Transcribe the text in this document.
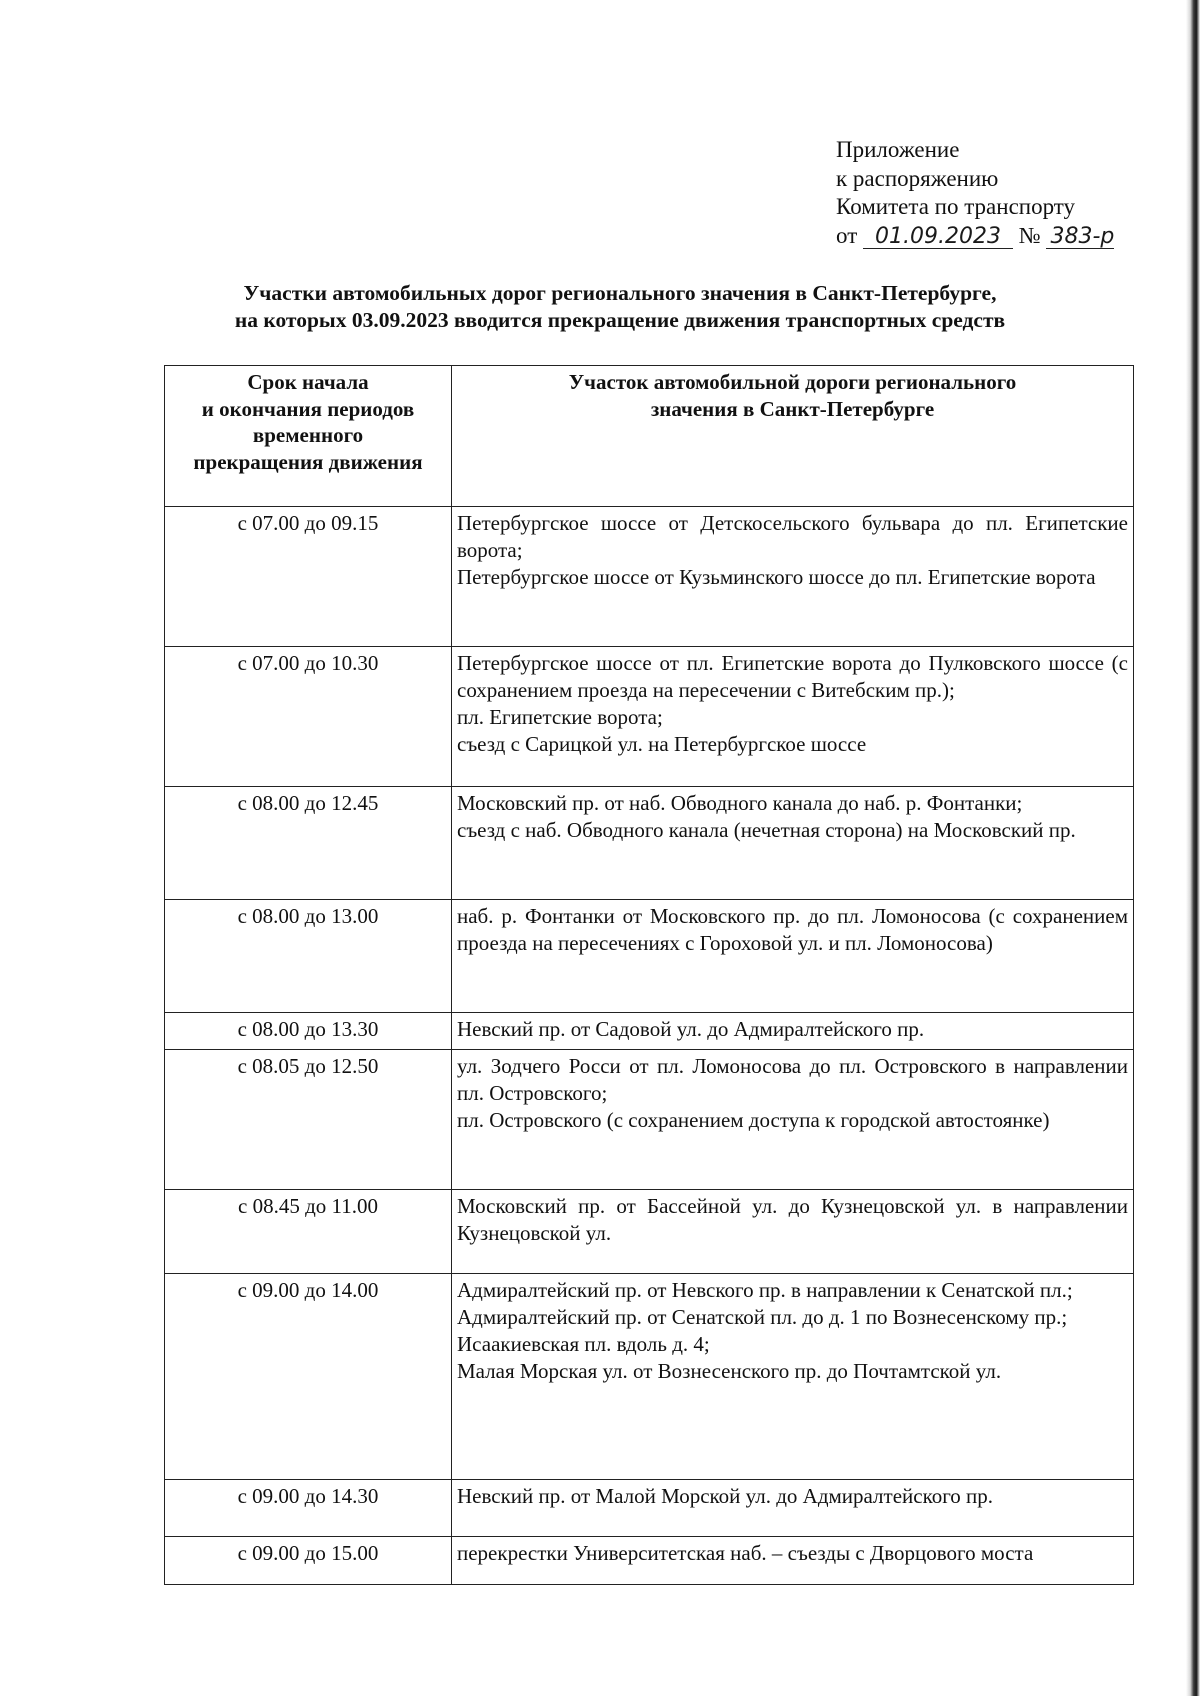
Приложение
к распоряжению
Комитета по транспорту
от 01.09.2023 № 383-р
Участки автомобильных дорог регионального значения в Санкт-Петербурге,
на которых 03.09.2023 вводится прекращение движения транспортных средств
Срок начала
и окончания периодов
временного
прекращения движения	Участок автомобильной дороги регионального
значения в Санкт-Петербурге

с 07.00 до 09.15	Петербургское шоссе от Детскосельского бульвара до пл. Египетские ворота;
Петербургское шоссе от Кузьминского шоссе до пл. Египетские ворота

с 07.00 до 10.30	Петербургское шоссе от пл. Египетские ворота до Пулковского шоссе (с сохранением проезда на пересечении с Витебским пр.);
пл. Египетские ворота;
съезд с Сарицкой ул. на Петербургское шоссе

с 08.00 до 12.45	Московский пр. от наб. Обводного канала до наб. р. Фонтанки;
съезд с наб. Обводного канала (нечетная сторона) на Московский пр.

с 08.00 до 13.00	наб. р. Фонтанки от Московского пр. до пл. Ломоносова (с сохранением проезда на пересечениях с Гороховой ул. и пл. Ломоносова)

с 08.00 до 13.30	Невский пр. от Садовой ул. до Адмиралтейского пр.

с 08.05 до 12.50	ул. Зодчего Росси от пл. Ломоносова до пл. Островского в направлении пл. Островского;
пл. Островского (с сохранением доступа к городской автостоянке)

с 08.45 до 11.00	Московский пр. от Бассейной ул. до Кузнецовской ул. в направлении Кузнецовской ул.

с 09.00 до 14.00	Адмиралтейский пр. от Невского пр. в направлении к Сенатской пл.;
Адмиралтейский пр. от Сенатской пл. до д. 1 по Вознесенскому пр.;
Исаакиевская пл. вдоль д. 4;
Малая Морская ул. от Вознесенского пр. до Почтамтской ул.

с 09.00 до 14.30	Невский пр. от Малой Морской ул. до Адмиралтейского пр.

с 09.00 до 15.00	перекрестки Университетская наб. – съезды с Дворцового моста
